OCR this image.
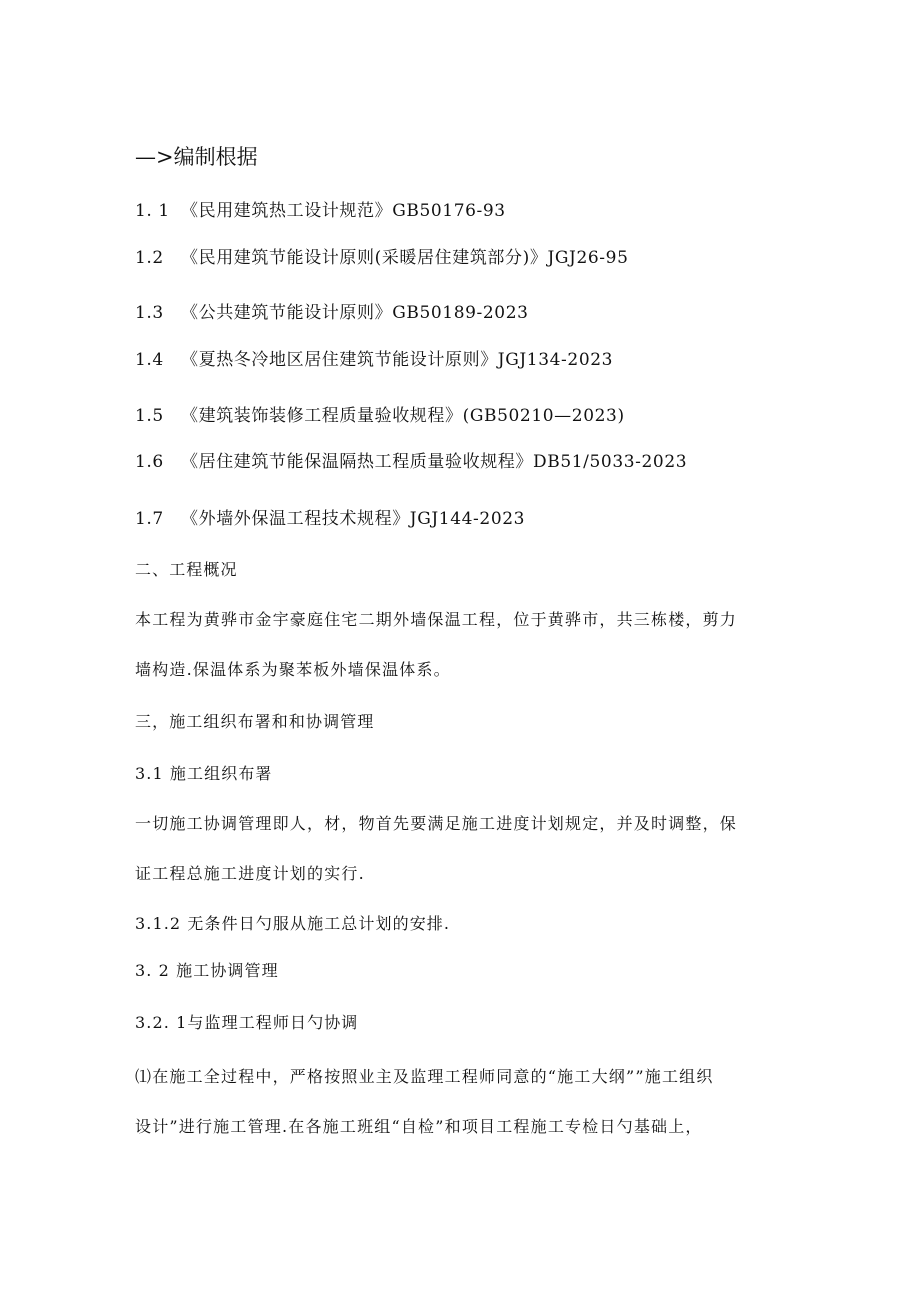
—>编制根据
1. 1 《民用建筑热工设计规范》GB50176-93
1.2 《民用建筑节能设计原则(采暖居住建筑部分)》JGJ26-95
1.3 《公共建筑节能设计原则》GB50189-2023
1.4 《夏热冬冷地区居住建筑节能设计原则》JGJ134-2023
1.5 《建筑装饰装修工程质量验收规程》(GB50210—2023)
1.6 《居住建筑节能保温隔热工程质量验收规程》DB51/5033-2023
1.7 《外墙外保温工程技术规程》JGJ144-2023
二、工程概况
本工程为黄骅市金宇豪庭住宅二期外墙保温工程，位于黄骅市，共三栋楼，剪力
墙构造.保温体系为聚苯板外墙保温体系。
三，施工组织布署和和协调管理
3.1 施工组织布署
一切施工协调管理即人，材，物首先要满足施工进度计划规定，并及时调整，保
证工程总施工进度计划的实行.
3.1.2 无条件日勺服从施工总计划的安排.
3. 2 施工协调管理
3.2. 1与监理工程师日勺协调
⑴在施工全过程中，严格按照业主及监理工程师同意的“施工大纲””施工组织
设计”进行施工管理.在各施工班组“自检”和项目工程施工专检日勺基础上，
